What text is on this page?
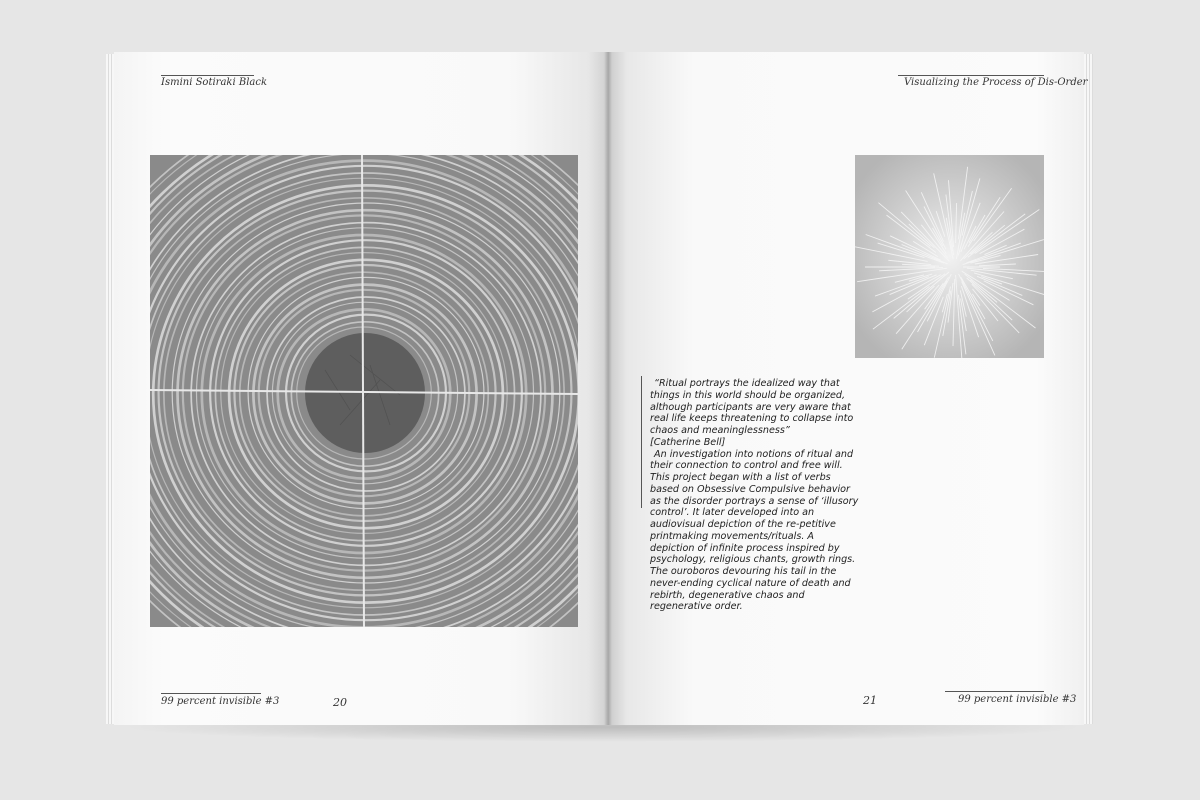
Ismini Sotiraki Black
99 percent invisible #3	20
Visualizing the Process of Dis-Order

“Ritual portrays the idealized way that things in this world should be organized, although participants are very aware that real life keeps threatening to collapse into chaos and meaninglessness”

[Catherine Bell]

An investigation into notions of ritual and their connection to control and free will. This project began with a list of verbs based on Obsessive Compulsive behavior as the disorder portrays a sense of ‘illusory control’. It later developed into an audiovisual depiction of the re-petitive printmaking movements/rituals. A depiction of infinite process inspired by psychology, religious chants, growth rings. The ouroboros devouring his tail in the never-ending cyclical nature of death and rebirth, degenerative chaos and regenerative order.

21	99 percent invisible #3
